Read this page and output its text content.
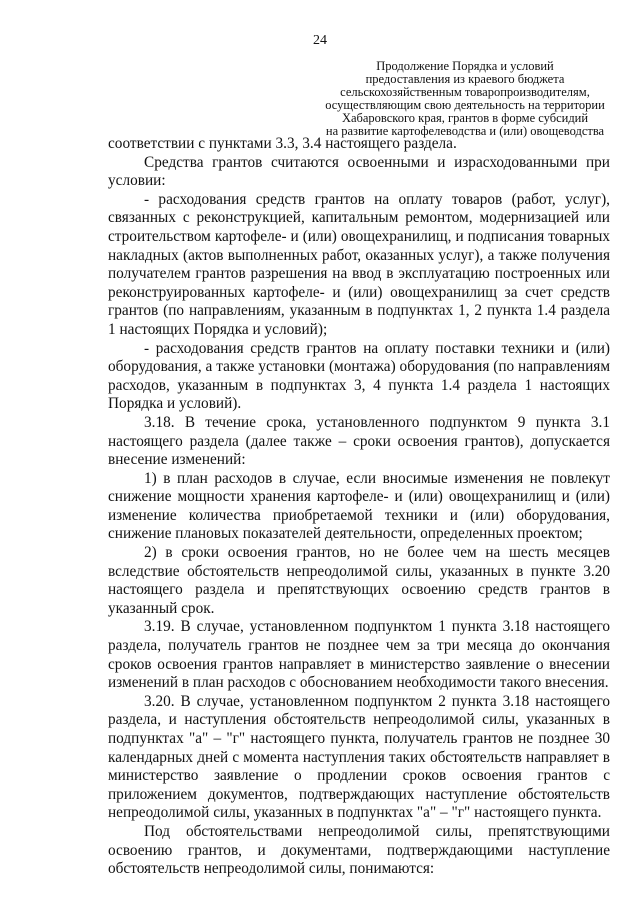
24
Продолжение Порядка и условий
предоставления из краевого бюджета
сельскохозяйственным товаропроизводителям,
осуществляющим свою деятельность на территории
Хабаровского края, грантов в форме субсидий
на развитие картофелеводства и (или) овощеводства

соответствии с пунктами 3.3, 3.4 настоящего раздела.

Средства грантов считаются освоенными и израсходованными при условии:

- расходования средств грантов на оплату товаров (работ, услуг), связанных с реконструкцией, капитальным ремонтом, модернизацией или строительством картофеле- и (или) овощехранилищ, и подписания товарных накладных (актов выполненных работ, оказанных услуг), а также получения получателем грантов разрешения на ввод в эксплуатацию построенных или реконструированных картофеле- и (или) овощехранилищ за счет средств грантов (по направлениям, указанным в подпунктах 1, 2 пункта 1.4 раздела 1 настоящих Порядка и условий);

- расходования средств грантов на оплату поставки техники и (или) оборудования, а также установки (монтажа) оборудования (по направлениям расходов, указанным в подпунктах 3, 4 пункта 1.4 раздела 1 настоящих Порядка и условий).

3.18. В течение срока, установленного подпунктом 9 пункта 3.1 настоящего раздела (далее также – сроки освоения грантов), допускается внесение изменений:

1) в план расходов в случае, если вносимые изменения не повлекут снижение мощности хранения картофеле- и (или) овощехранилищ и (или) изменение количества приобретаемой техники и (или) оборудования, снижение плановых показателей деятельности, определенных проектом;

2) в сроки освоения грантов, но не более чем на шесть месяцев вследствие обстоятельств непреодолимой силы, указанных в пункте 3.20 настоящего раздела и препятствующих освоению средств грантов в указанный срок.

3.19. В случае, установленном подпунктом 1 пункта 3.18 настоящего раздела, получатель грантов не позднее чем за три месяца до окончания сроков освоения грантов направляет в министерство заявление о внесении изменений в план расходов с обоснованием необходимости такого внесения.

3.20. В случае, установленном подпунктом 2 пункта 3.18 настоящего раздела, и наступления обстоятельств непреодолимой силы, указанных в подпунктах "а" – "г" настоящего пункта, получатель грантов не позднее 30 календарных дней с момента наступления таких обстоятельств направляет в министерство заявление о продлении сроков освоения грантов с приложением документов, подтверждающих наступление обстоятельств непреодолимой силы, указанных в подпунктах "а" – "г" настоящего пункта.

Под обстоятельствами непреодолимой силы, препятствующими освоению грантов, и документами, подтверждающими наступление обстоятельств непреодолимой силы, понимаются:
